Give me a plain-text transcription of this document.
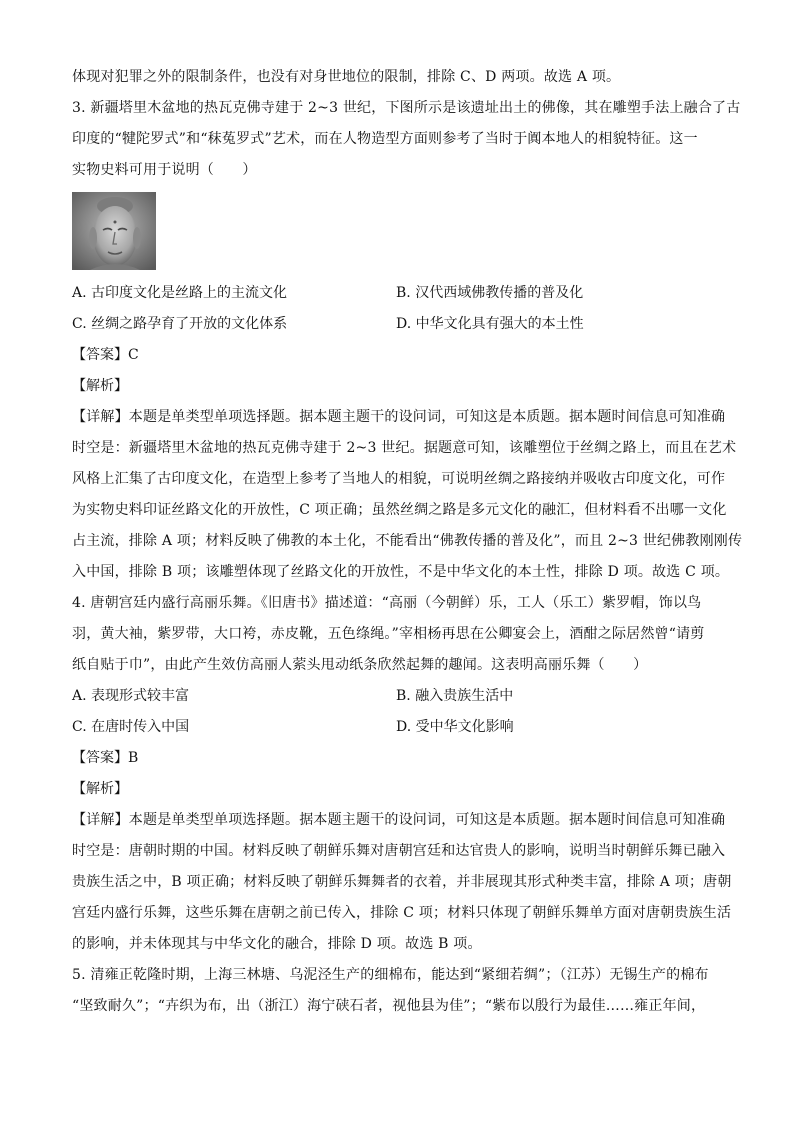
体现对犯罪之外的限制条件，也没有对身世地位的限制，排除 C、D 两项。故选 A 项。
3. 新疆塔里木盆地的热瓦克佛寺建于 2~3 世纪，下图所示是该遗址出土的佛像，其在雕塑手法上融合了古
印度的“犍陀罗式”和“秣菟罗式”艺术，而在人物造型方面则参考了当时于阗本地人的相貌特征。这一
实物史料可用于说明（　　）
A. 古印度文化是丝路上的主流文化	B. 汉代西域佛教传播的普及化
C. 丝绸之路孕育了开放的文化体系	D. 中华文化具有强大的本土性
【答案】C
【解析】
【详解】本题是单类型单项选择题。据本题主题干的设问词，可知这是本质题。据本题时间信息可知准确
时空是：新疆塔里木盆地的热瓦克佛寺建于 2~3 世纪。据题意可知，该雕塑位于丝绸之路上，而且在艺术
风格上汇集了古印度文化，在造型上参考了当地人的相貌，可说明丝绸之路接纳并吸收古印度文化，可作
为实物史料印证丝路文化的开放性，C 项正确；虽然丝绸之路是多元文化的融汇，但材料看不出哪一文化
占主流，排除 A 项；材料反映了佛教的本土化，不能看出“佛教传播的普及化”，而且 2~3 世纪佛教刚刚传
入中国，排除 B 项；该雕塑体现了丝路文化的开放性，不是中华文化的本土性，排除 D 项。故选 C 项。
4. 唐朝宫廷内盛行高丽乐舞。《旧唐书》描述道：“高丽（今朝鲜）乐，工人（乐工）紫罗帽，饰以鸟
羽，黄大袖，紫罗带，大口袴，赤皮靴，五色绦绳。”宰相杨再思在公卿宴会上，酒酣之际居然曾“请剪
纸自贴于巾”，由此产生效仿高丽人萦头甩动纸条欣然起舞的趣闻。这表明高丽乐舞（　　）
A. 表现形式较丰富	B. 融入贵族生活中
C. 在唐时传入中国	D. 受中华文化影响
【答案】B
【解析】
【详解】本题是单类型单项选择题。据本题主题干的设问词，可知这是本质题。据本题时间信息可知准确
时空是：唐朝时期的中国。材料反映了朝鲜乐舞对唐朝宫廷和达官贵人的影响，说明当时朝鲜乐舞已融入
贵族生活之中，B 项正确；材料反映了朝鲜乐舞舞者的衣着，并非展现其形式种类丰富，排除 A 项；唐朝
宫廷内盛行乐舞，这些乐舞在唐朝之前已传入，排除 C 项；材料只体现了朝鲜乐舞单方面对唐朝贵族生活
的影响，并未体现其与中华文化的融合，排除 D 项。故选 B 项。
5. 清雍正乾隆时期，上海三林塘、乌泥泾生产的细棉布，能达到“紧细若绸”；（江苏）无锡生产的棉布
“坚致耐久”；“卉织为布，出（浙江）海宁硖石者，视他县为佳”；“紫布以殷行为最佳……雍正年间，
